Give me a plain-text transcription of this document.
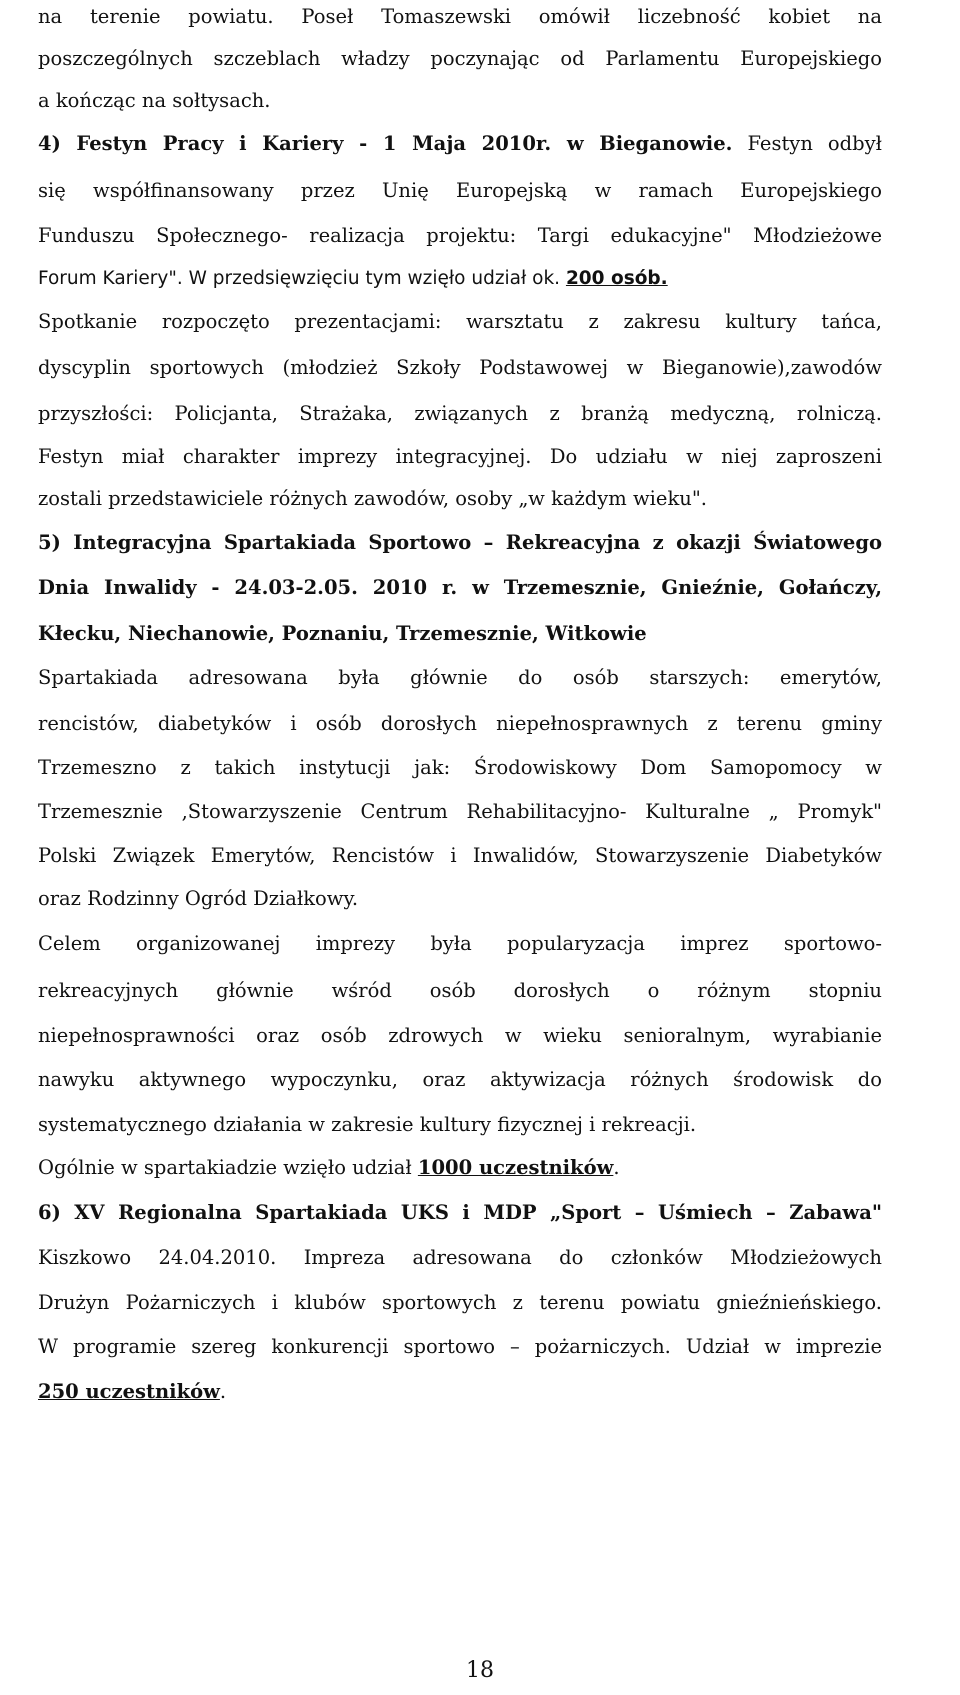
na terenie powiatu. Poseł Tomaszewski omówił liczebność kobiet na
poszczególnych szczeblach władzy poczynając od Parlamentu Europejskiego
a kończąc na sołtysach.
4) Festyn Pracy i Kariery - 1 Maja 2010r. w Bieganowie. Festyn odbył
się współfinansowany przez Unię Europejską w ramach Europejskiego
Funduszu Społecznego- realizacja projektu: Targi edukacyjne" Młodzieżowe
Forum Kariery". W przedsięwzięciu tym wzięło udział ok. 200 osób.
Spotkanie rozpoczęto prezentacjami: warsztatu z zakresu kultury tańca,
dyscyplin sportowych (młodzież Szkoły Podstawowej w Bieganowie),zawodów
przyszłości: Policjanta, Strażaka, związanych z branżą medyczną, rolniczą.
Festyn miał charakter imprezy integracyjnej. Do udziału w niej zaproszeni
zostali przedstawiciele różnych zawodów, osoby „w każdym wieku".
5) Integracyjna Spartakiada Sportowo – Rekreacyjna z okazji Światowego
Dnia Inwalidy - 24.03-2.05. 2010 r. w Trzemesznie, Gnieźnie, Gołańczy,
Kłecku, Niechanowie, Poznaniu, Trzemesznie, Witkowie
Spartakiada adresowana była głównie do osób starszych: emerytów,
rencistów, diabetyków i osób dorosłych niepełnosprawnych z terenu gminy
Trzemeszno z takich instytucji jak: Środowiskowy Dom Samopomocy w
Trzemesznie ,Stowarzyszenie Centrum Rehabilitacyjno- Kulturalne „ Promyk"
Polski Związek Emerytów, Rencistów i Inwalidów, Stowarzyszenie Diabetyków
oraz Rodzinny Ogród Działkowy.
Celem organizowanej imprezy była popularyzacja imprez sportowo-
rekreacyjnych głównie wśród osób dorosłych o różnym stopniu
niepełnosprawności oraz osób zdrowych w wieku senioralnym, wyrabianie
nawyku aktywnego wypoczynku, oraz aktywizacja różnych środowisk do
systematycznego działania w zakresie kultury fizycznej i rekreacji.
Ogólnie w spartakiadzie wzięło udział 1000 uczestników.
6) XV Regionalna Spartakiada UKS i MDP „Sport – Uśmiech – Zabawa"
Kiszkowo 24.04.2010. Impreza adresowana do członków Młodzieżowych
Drużyn Pożarniczych i klubów sportowych z terenu powiatu gnieźnieńskiego.
W programie szereg konkurencji sportowo – pożarniczych. Udział w imprezie
250 uczestników.
18
